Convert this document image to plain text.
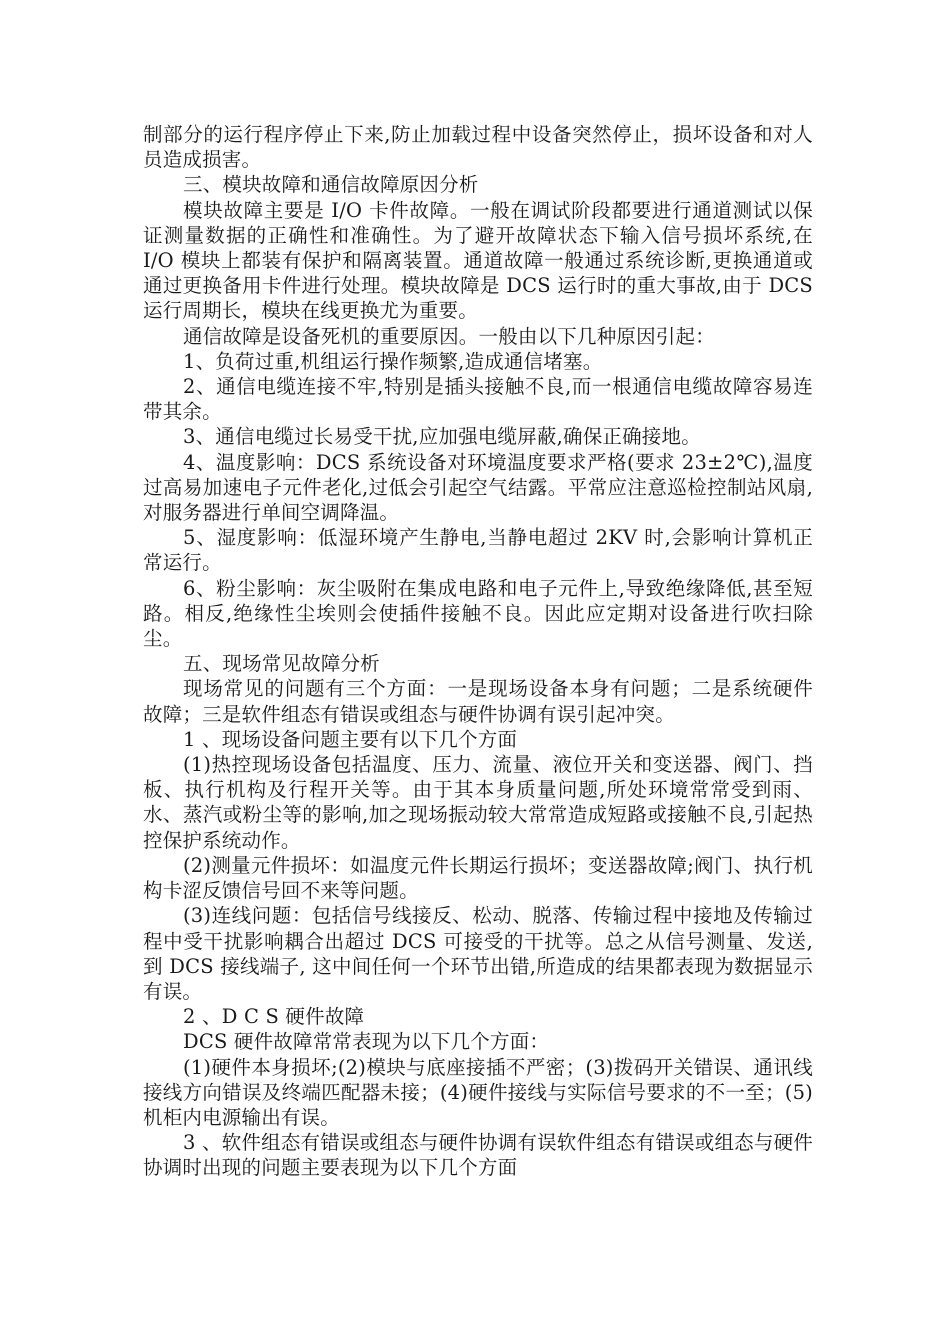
制部分的运行程序停止下来,防止加载过程中设备突然停止，损坏设备和对人员造成损害。

三、模块故障和通信故障原因分析

模块故障主要是 I/O 卡件故障。一般在调试阶段都要进行通道测试以保证测量数据的正确性和准确性。为了避开故障状态下输入信号损坏系统,在 I/O 模块上都装有保护和隔离装置。通道故障一般通过系统诊断,更换通道或通过更换备用卡件进行处理。模块故障是 DCS 运行时的重大事故,由于 DCS 运行周期长，模块在线更换尤为重要。

通信故障是设备死机的重要原因。一般由以下几种原因引起：

1、负荷过重,机组运行操作频繁,造成通信堵塞。

2、通信电缆连接不牢,特别是插头接触不良,而一根通信电缆故障容易连带其余。

3、通信电缆过长易受干扰,应加强电缆屏蔽,确保正确接地。

4、温度影响：DCS 系统设备对环境温度要求严格(要求 23±2℃),温度过高易加速电子元件老化,过低会引起空气结露。平常应注意巡检控制站风扇,对服务器进行单间空调降温。

5、湿度影响：低湿环境产生静电,当静电超过 2KV 时,会影响计算机正常运行。

6、粉尘影响：灰尘吸附在集成电路和电子元件上,导致绝缘降低,甚至短路。相反,绝缘性尘埃则会使插件接触不良。因此应定期对设备进行吹扫除尘。

五、现场常见故障分析

现场常见的问题有三个方面：一是现场设备本身有问题；二是系统硬件故障；三是软件组态有错误或组态与硬件协调有误引起冲突。

1 、现场设备问题主要有以下几个方面

(1)热控现场设备包括温度、压力、流量、液位开关和变送器、阀门、挡板、执行机构及行程开关等。由于其本身质量问题,所处环境常常受到雨、水、蒸汽或粉尘等的影响,加之现场振动较大常常造成短路或接触不良,引起热控保护系统动作。

(2)测量元件损坏：如温度元件长期运行损坏；变送器故障;阀门、执行机构卡涩反馈信号回不来等问题。

(3)连线问题：包括信号线接反、松动、脱落、传输过程中接地及传输过程中受干扰影响耦合出超过 DCS 可接受的干扰等。总之从信号测量、发送,到 DCS 接线端子, 这中间任何一个环节出错,所造成的结果都表现为数据显示有误。

2 、D C S 硬件故障

DCS 硬件故障常常表现为以下几个方面：

(1)硬件本身损坏;(2)模块与底座接插不严密；(3)拨码开关错误、通讯线接线方向错误及终端匹配器未接；(4)硬件接线与实际信号要求的不一至；(5)机柜内电源输出有误。

3 、软件组态有错误或组态与硬件协调有误软件组态有错误或组态与硬件协调时出现的问题主要表现为以下几个方面
